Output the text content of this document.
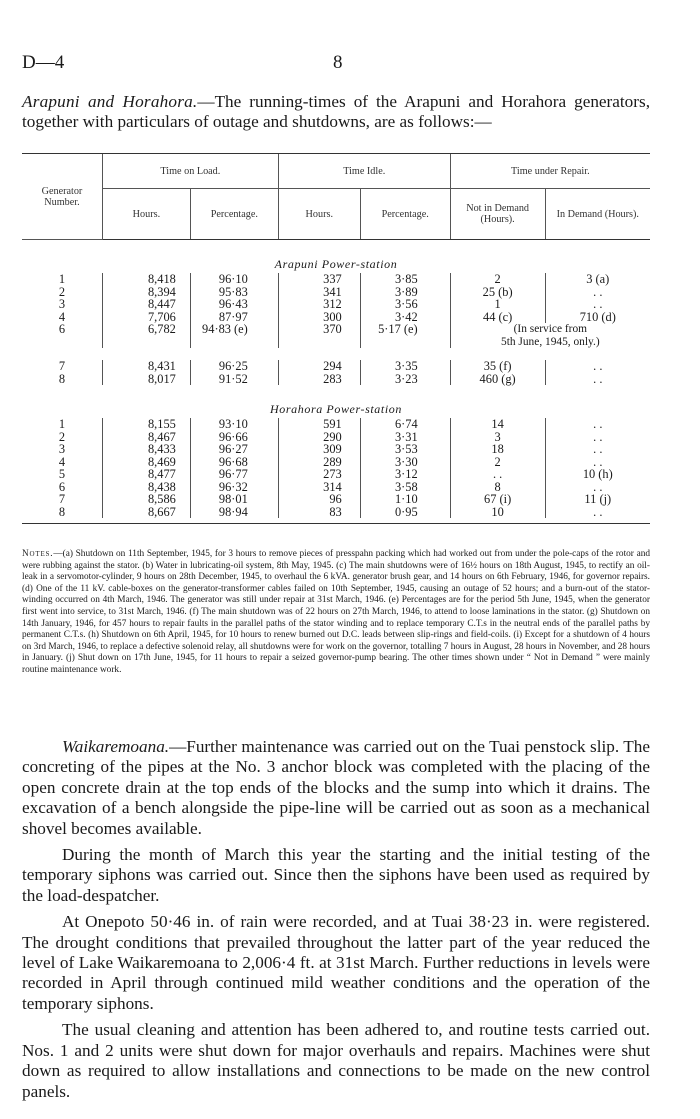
D—4	8
Arapuni and Horahora.—The running-times of the Arapuni and Horahora generators, together with particulars of outage and shutdowns, are as follows:—
Generator Number.	Time on Load.		Time Idle.		Time under Repair.	
	Hours.	Percentage.	Hours.	Percentage.	Not in Demand (Hours).	In Demand (Hours).
Arapuni Power-station						
1	8,418	96·10	337	3·85	2	3 (a)
2	8,394	95·83	341	3·89	25 (b)	. .
3	8,447	96·43	312	3·56	1	. .
4	7,706	87·97	300	3·42	44 (c)	710 (d)
6	6,782	94·83 (e)	370	5·17 (e)	(In service from	
					5th June, 1945, only.)	

7	8,431	96·25	294	3·35	35 (f)	. .
8	8,017	91·52	283	3·23	460 (g)	. .
Horahora Power-station						
1	8,155	93·10	591	6·74	14	. .
2	8,467	96·66	290	3·31	3	. .
3	8,433	96·27	309	3·53	18	. .
4	8,469	96·68	289	3·30	2	. .
5	8,477	96·77	273	3·12	. .	10 (h)
6	8,438	96·32	314	3·58	8	. .
7	8,586	98·01	96	1·10	67 (i)	11 (j)
8	8,667	98·94	83	0·95	10	. .

Notes.—(a) Shutdown on 11th September, 1945, for 3 hours to remove pieces of presspahn packing which had worked out from under the pole-caps of the rotor and were rubbing against the stator. (b) Water in lubricating-oil system, 8th May, 1945. (c) The main shutdowns were of 16½ hours on 18th August, 1945, to rectify an oil-leak in a servomotor-cylinder, 9 hours on 28th December, 1945, to overhaul the 6 kVA. generator brush gear, and 14 hours on 6th February, 1946, for governor repairs. (d) One of the 11 kV. cable-boxes on the generator-transformer cables failed on 10th September, 1945, causing an outage of 52 hours; and a burn-out of the stator-winding occurred on 4th March, 1946. The generator was still under repair at 31st March, 1946. (e) Percentages are for the period 5th June, 1945, when the generator first went into service, to 31st March, 1946. (f) The main shutdown was of 22 hours on 27th March, 1946, to attend to loose laminations in the stator. (g) Shutdown on 14th January, 1946, for 457 hours to repair faults in the parallel paths of the stator winding and to replace temporary C.T.s in the neutral ends of the parallel paths by permanent C.T.s. (h) Shutdown on 6th April, 1945, for 10 hours to renew burned out D.C. leads between slip-rings and field-coils. (i) Except for a shutdown of 4 hours on 3rd March, 1946, to replace a defective solenoid relay, all shutdowns were for work on the governor, totalling 7 hours in August, 28 hours in November, and 28 hours in January. (j) Shut down on 17th June, 1945, for 11 hours to repair a seized governor-pump bearing. The other times shown under “ Not in Demand ” were mainly routine maintenance work.

Waikaremoana.—Further maintenance was carried out on the Tuai penstock slip. The concreting of the pipes at the No. 3 anchor block was completed with the placing of the open concrete drain at the top ends of the blocks and the sump into which it drains. The excavation of a bench alongside the pipe-line will be carried out as soon as a mechanical shovel becomes available.

During the month of March this year the starting and the initial testing of the temporary siphons was carried out. Since then the siphons have been used as required by the load-despatcher.

At Onepoto 50·46 in. of rain were recorded, and at Tuai 38·23 in. were registered. The drought conditions that prevailed throughout the latter part of the year reduced the level of Lake Waikaremoana to 2,006·4 ft. at 31st March. Further reductions in levels were recorded in April through continued mild weather conditions and the operation of the temporary siphons.

The usual cleaning and attention has been adhered to, and routine tests carried out. Nos. 1 and 2 units were shut down for major overhauls and repairs. Machines were shut down as required to allow installations and connections to be made on the new control panels.
